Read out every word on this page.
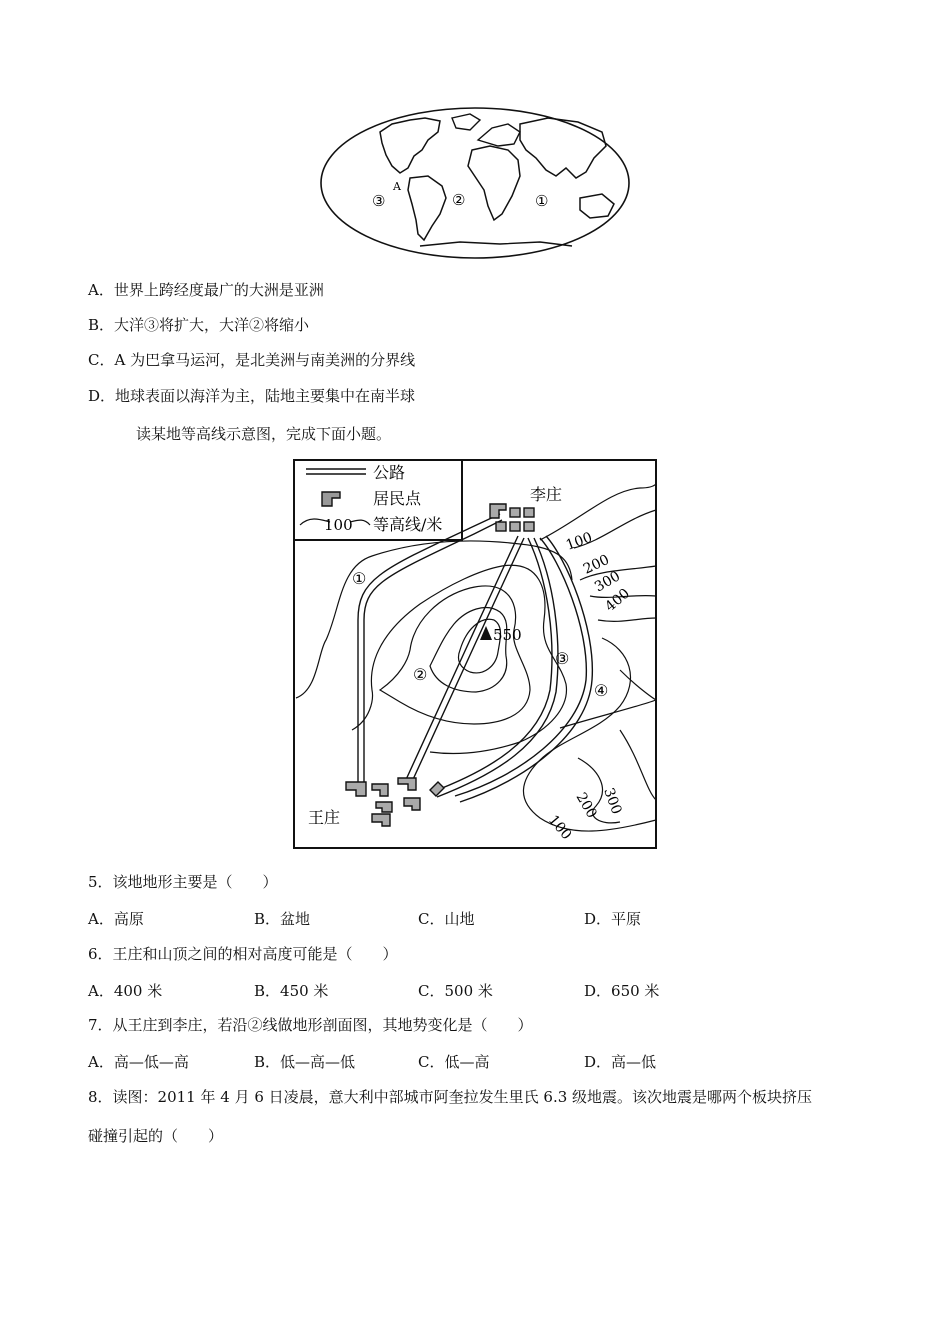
A
③	②	①
A．世界上跨经度最广的大洲是亚洲
B．大洋③将扩大，大洋②将缩小
C．A 为巴拿马运河，是北美洲与南美洲的分界线
D．地球表面以海洋为主，陆地主要集中在南半球
读某地等高线示意图，完成下面小题。
公路
居民点
100 等高线/米
550
李庄
王庄
①
②
③
④
100
200
300
400
300
200
100
5．该地地形主要是（　　）
A．高原	B．盆地	C．山地	D．平原
6．王庄和山顶之间的相对高度可能是（　　）
A．400 米	B．450 米	C．500 米	D．650 米
7．从王庄到李庄，若沿②线做地形剖面图，其地势变化是（　　）
A．高—低—高	B．低—高—低	C．低—高	D．高—低
8．读图：2011 年 4 月 6 日凌晨，意大利中部城市阿奎拉发生里氏 6.3 级地震。该次地震是哪两个板块挤压
碰撞引起的（　　）
